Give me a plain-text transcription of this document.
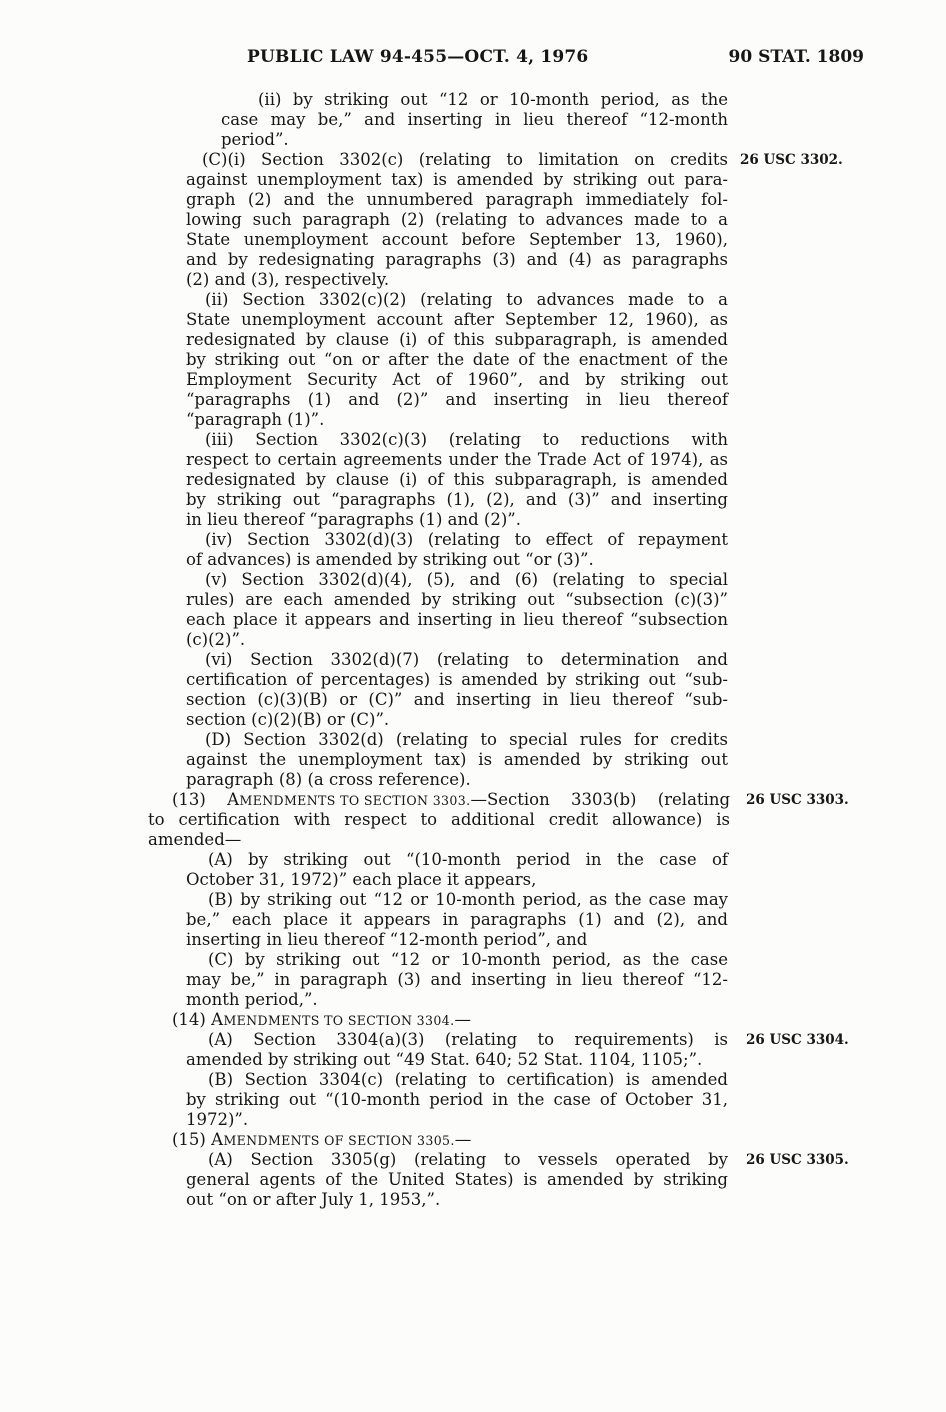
PUBLIC LAW 94-455—OCT. 4, 1976	90 STAT. 1809
(ii) by striking out “12 or 10-month period, as the
case may be,” and inserting in lieu thereof “12-month
period”.
(C)(i) Section 3302(c) (relating to limitation on credits
against unemployment tax) is amended by striking out para-
graph (2) and the unnumbered paragraph immediately fol-
lowing such paragraph (2) (relating to advances made to a
State unemployment account before September 13, 1960),
and by redesignating paragraphs (3) and (4) as paragraphs
(2) and (3), respectively.
(ii) Section 3302(c)(2) (relating to advances made to a
State unemployment account after September 12, 1960), as
redesignated by clause (i) of this subparagraph, is amended
by striking out “on or after the date of the enactment of the
Employment Security Act of 1960”, and by striking out
“paragraphs (1) and (2)” and inserting in lieu thereof
“paragraph (1)”.
(iii) Section 3302(c)(3) (relating to reductions with
respect to certain agreements under the Trade Act of 1974), as
redesignated by clause (i) of this subparagraph, is amended
by striking out “paragraphs (1), (2), and (3)” and inserting
in lieu thereof “paragraphs (1) and (2)”.
(iv) Section 3302(d)(3) (relating to effect of repayment
of advances) is amended by striking out “or (3)”.
(v) Section 3302(d)(4), (5), and (6) (relating to special
rules) are each amended by striking out “subsection (c)(3)”
each place it appears and inserting in lieu thereof “subsection
(c)(2)”.
(vi) Section 3302(d)(7) (relating to determination and
certification of percentages) is amended by striking out “sub-
section (c)(3)(B) or (C)” and inserting in lieu thereof “sub-
section (c)(2)(B) or (C)”.
(D) Section 3302(d) (relating to special rules for credits
against the unemployment tax) is amended by striking out
paragraph (8) (a cross reference).
(13) AMENDMENTS TO SECTION 3303.—Section 3303(b) (relating
to certification with respect to additional credit allowance) is
amended—
(A) by striking out “(10-month period in the case of
October 31, 1972)” each place it appears,
(B) by striking out “12 or 10-month period, as the case may
be,” each place it appears in paragraphs (1) and (2), and
inserting in lieu thereof “12-month period”, and
(C) by striking out “12 or 10-month period, as the case
may be,” in paragraph (3) and inserting in lieu thereof “12-
month period,”.
(14) AMENDMENTS TO SECTION 3304.—
(A) Section 3304(a)(3) (relating to requirements) is
amended by striking out “49 Stat. 640; 52 Stat. 1104, 1105;”.
(B) Section 3304(c) (relating to certification) is amended
by striking out “(10-month period in the case of October 31,
1972)”.
(15) AMENDMENTS OF SECTION 3305.—
(A) Section 3305(g) (relating to vessels operated by
general agents of the United States) is amended by striking
out “on or after July 1, 1953,”.
26 USC 3302.
26 USC 3303.
26 USC 3304.
26 USC 3305.
